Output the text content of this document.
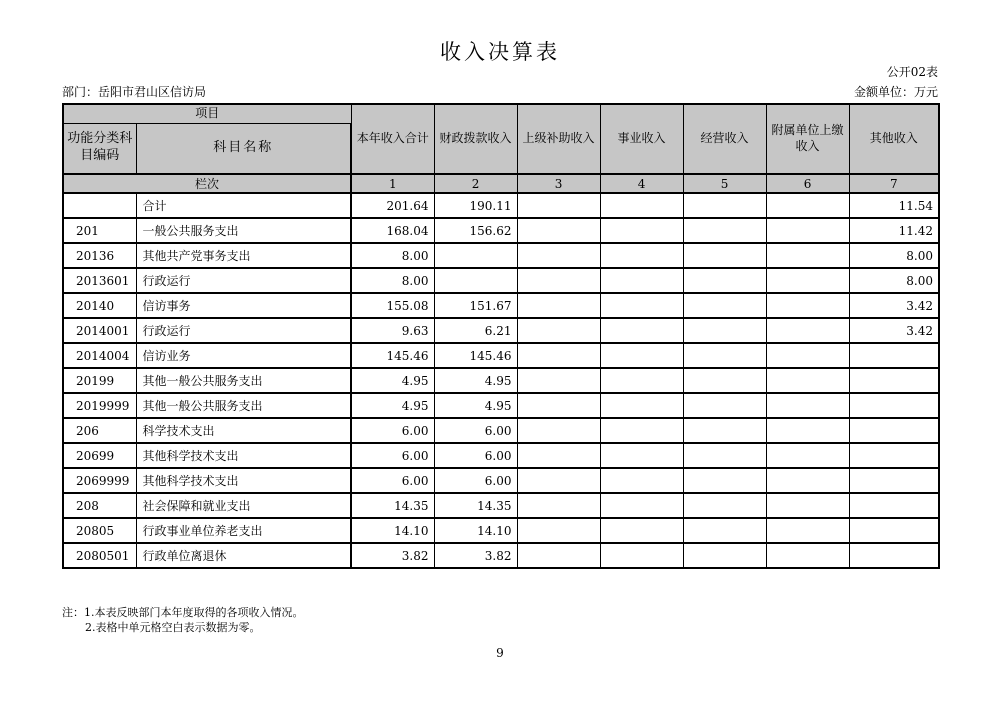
收入决算表
公开02表
部门：岳阳市君山区信访局	金额单位：万元
项目		本年收入合计	财政拨款收入	上级补助收入	事业收入	经营收入	附属单位上缴收入	其他收入
功能分类科目编码	科目名称							
栏次		1	2	3	4	5	6	7
	合计	201.64	190.11					11.54
201	一般公共服务支出	168.04	156.62					11.42
20136	其他共产党事务支出	8.00						8.00
2013601	行政运行	8.00						8.00
20140	信访事务	155.08	151.67					3.42
2014001	行政运行	9.63	6.21					3.42
2014004	信访业务	145.46	145.46					
20199	其他一般公共服务支出	4.95	4.95					
2019999	其他一般公共服务支出	4.95	4.95					
206	科学技术支出	6.00	6.00					
20699	其他科学技术支出	6.00	6.00					
2069999	其他科学技术支出	6.00	6.00					
208	社会保障和就业支出	14.35	14.35					
20805	行政事业单位养老支出	14.10	14.10					
2080501	行政单位离退休	3.82	3.82					
注：1.本表反映部门本年度取得的各项收入情况。
2.表格中单元格空白表示数据为零。
9
